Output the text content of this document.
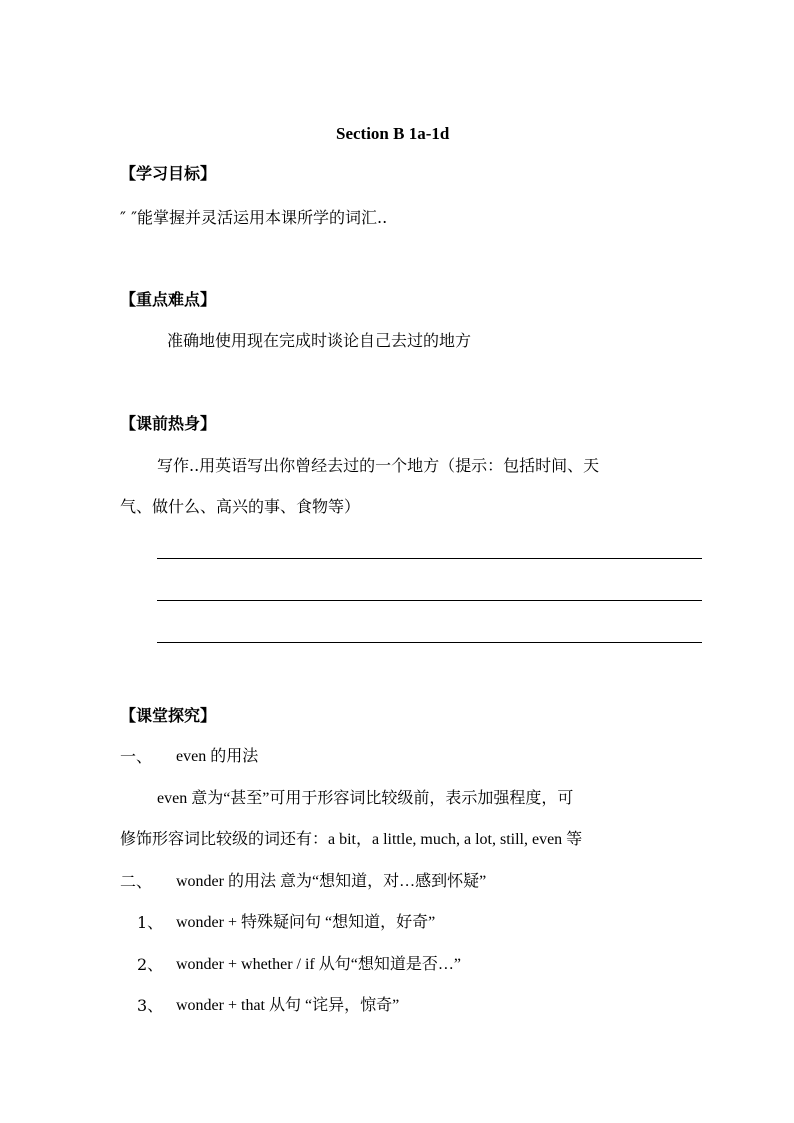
Section B 1a-1d
【学习目标】
″ ″能掌握并灵活运用本课所学的词汇..
【重点难点】
准确地使用现在完成时谈论自己去过的地方
【课前热身】
写作..用英语写出你曾经去过的一个地方（提示：包括时间、天
气、做什么、高兴的事、食物等）
【课堂探究】
一、 even 的用法
even 意为“甚至”可用于形容词比较级前，表示加强程度，可
修饰形容词比较级的词还有：a bit，a little, much, a lot, still, even 等
二、 wonder 的用法 意为“想知道，对…感到怀疑”
1、 wonder + 特殊疑问句 “想知道，好奇”
2、 wonder + whether / if 从句“想知道是否…”
3、 wonder + that 从句 “诧异，惊奇”
